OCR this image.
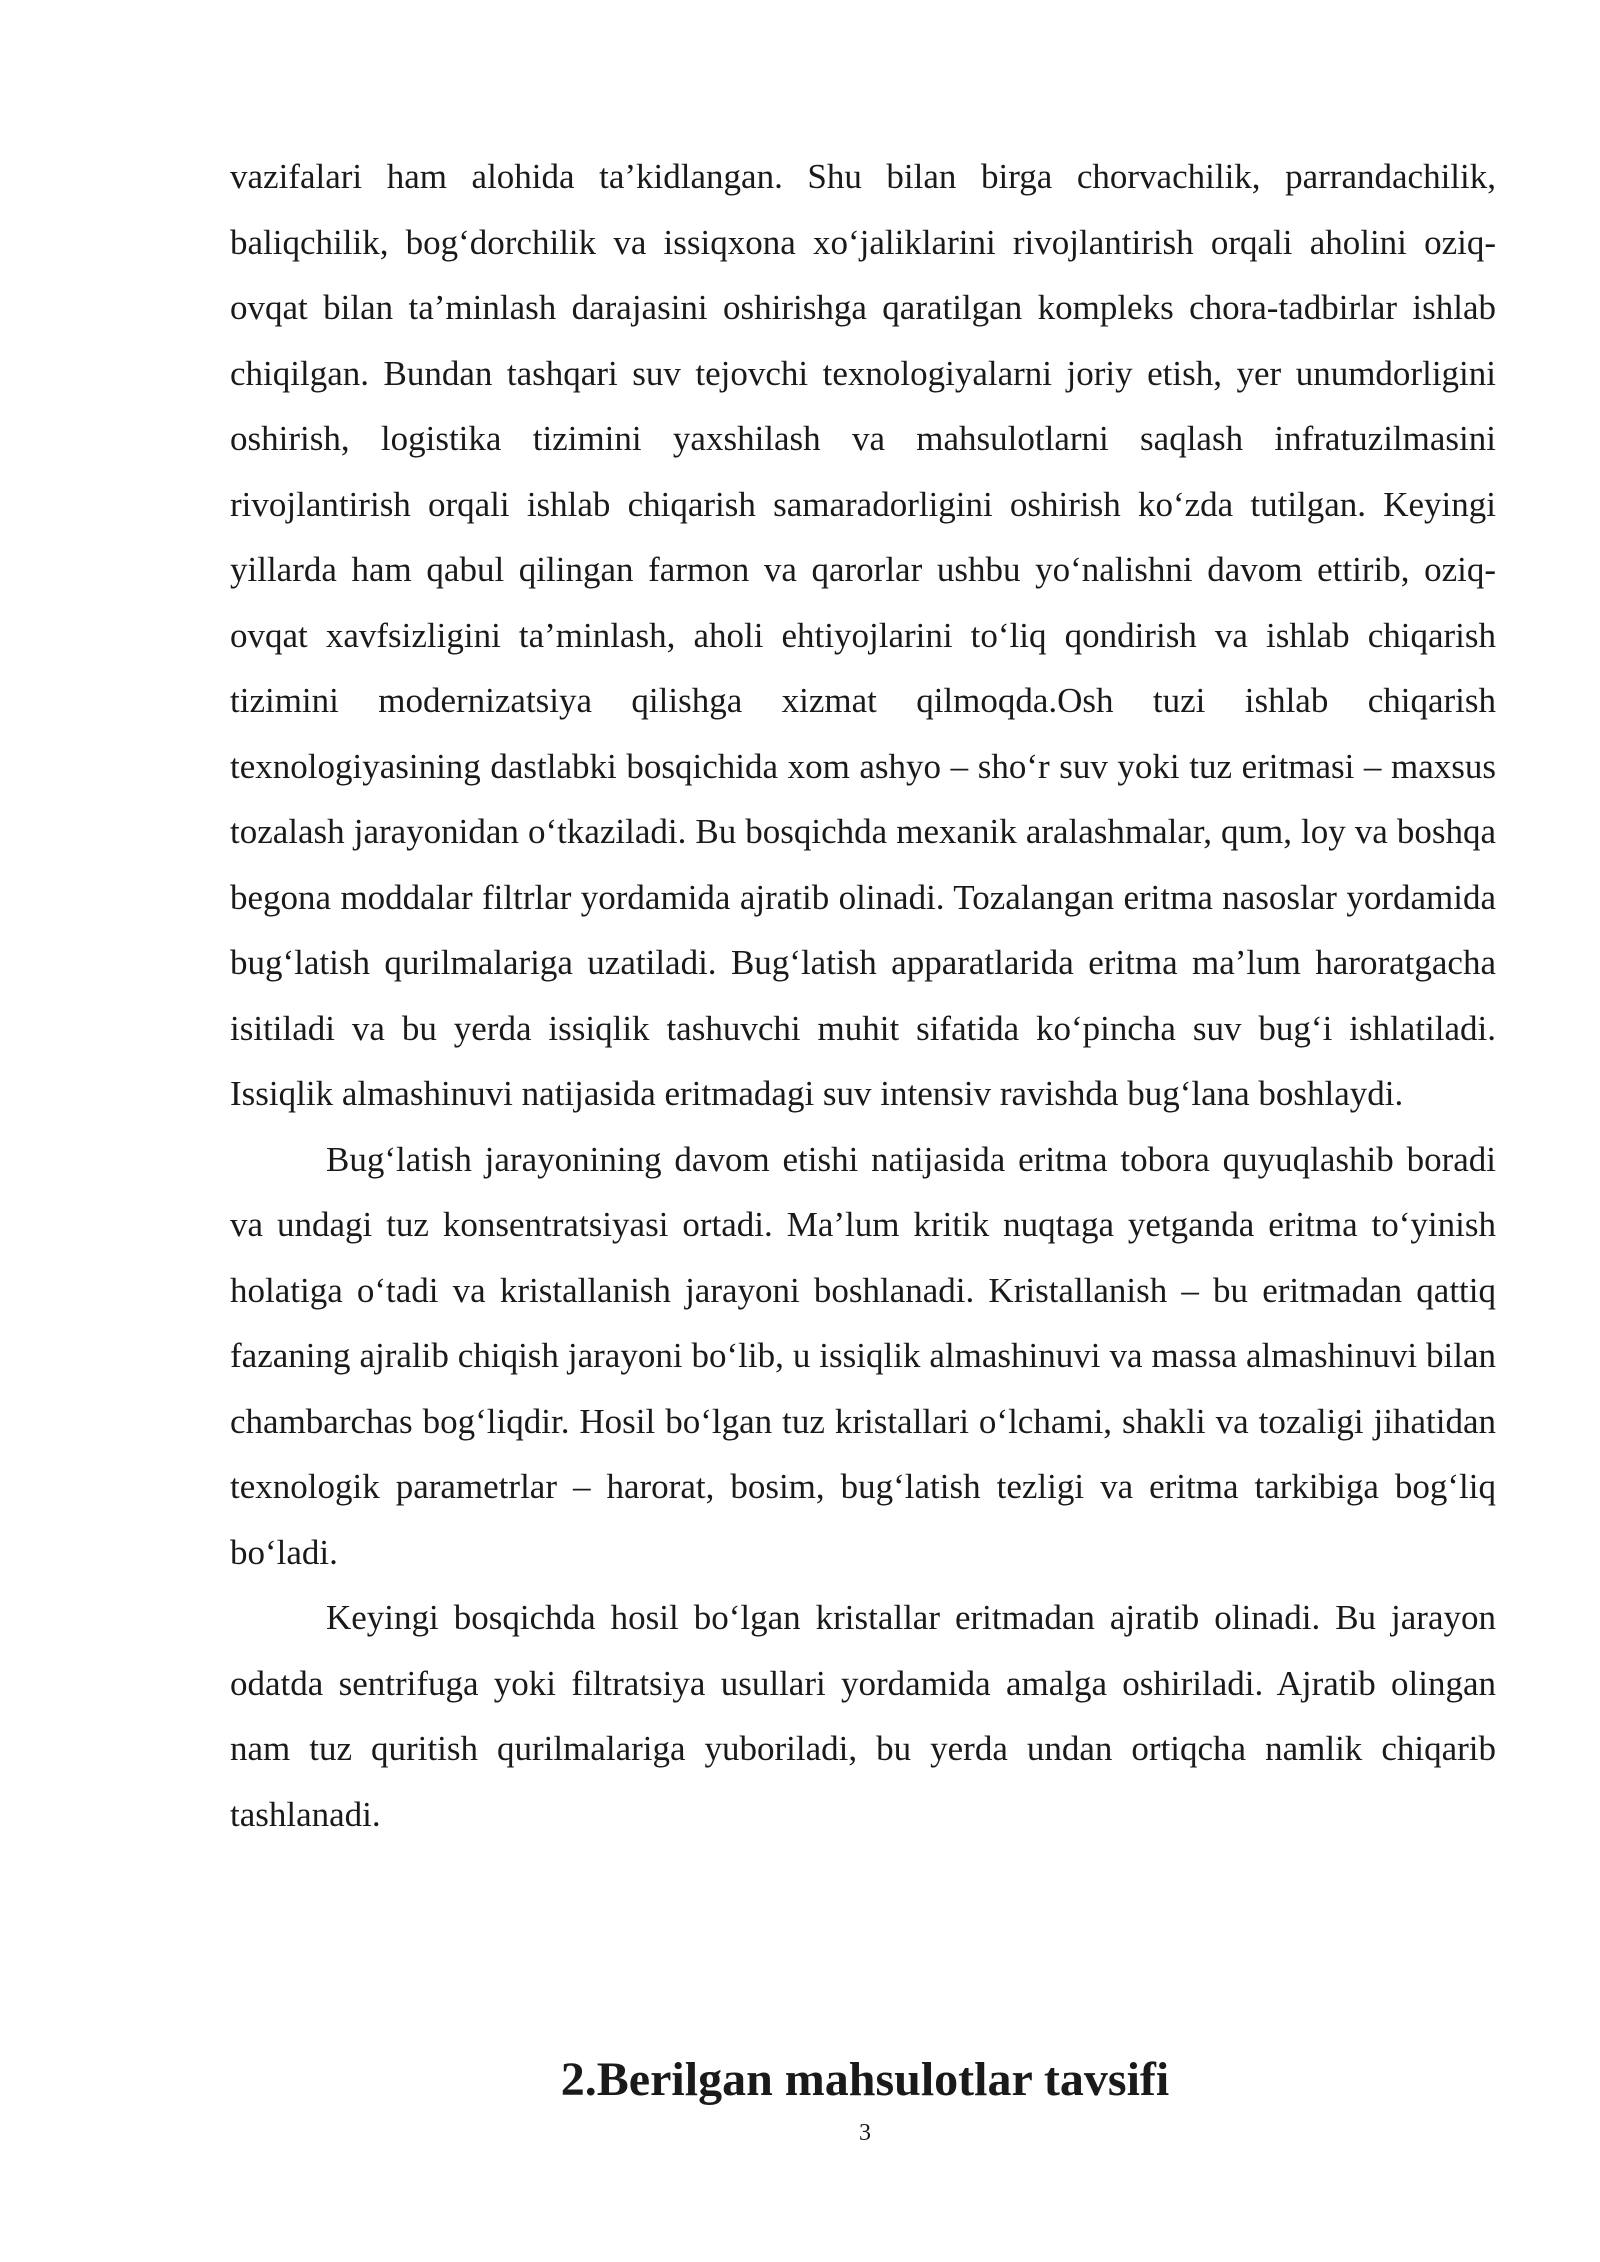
vazifalari ham alohida ta’kidlangan. Shu bilan birga chorvachilik, parrandachilik, baliqchilik, bog‘dorchilik va issiqxona xo‘jaliklarini rivojlantirish orqali aholini oziq-ovqat bilan ta’minlash darajasini oshirishga qaratilgan kompleks chora-tadbirlar ishlab chiqilgan. Bundan tashqari suv tejovchi texnologiyalarni joriy etish, yer unumdorligini oshirish, logistika tizimini yaxshilash va mahsulotlarni saqlash infratuzilmasini rivojlantirish orqali ishlab chiqarish samaradorligini oshirish ko‘zda tutilgan. Keyingi yillarda ham qabul qilingan farmon va qarorlar ushbu yo‘nalishni davom ettirib, oziq-ovqat xavfsizligini ta’minlash, aholi ehtiyojlarini to‘liq qondirish va ishlab chiqarish tizimini modernizatsiya qilishga xizmat qilmoqda.Osh tuzi ishlab chiqarish texnologiyasining dastlabki bosqichida xom ashyo – sho‘r suv yoki tuz eritmasi – maxsus tozalash jarayonidan o‘tkaziladi. Bu bosqichda mexanik aralashmalar, qum, loy va boshqa begona moddalar filtrlar yordamida ajratib olinadi. Tozalangan eritma nasoslar yordamida bug‘latish qurilmalariga uzatiladi. Bug‘latish apparatlarida eritma ma’lum haroratgacha isitiladi va bu yerda issiqlik tashuvchi muhit sifatida ko‘pincha suv bug‘i ishlatiladi. Issiqlik almashinuvi natijasida eritmadagi suv intensiv ravishda bug‘lana boshlaydi.

Bug‘latish jarayonining davom etishi natijasida eritma tobora quyuqlashib boradi va undagi tuz konsentratsiyasi ortadi. Ma’lum kritik nuqtaga yetganda eritma to‘yinish holatiga o‘tadi va kristallanish jarayoni boshlanadi. Kristallanish – bu eritmadan qattiq fazaning ajralib chiqish jarayoni bo‘lib, u issiqlik almashinuvi va massa almashinuvi bilan chambarchas bog‘liqdir. Hosil bo‘lgan tuz kristallari o‘lchami, shakli va tozaligi jihatidan texnologik parametrlar – harorat, bosim, bug‘latish tezligi va eritma tarkibiga bog‘liq bo‘ladi.

Keyingi bosqichda hosil bo‘lgan kristallar eritmadan ajratib olinadi. Bu jarayon odatda sentrifuga yoki filtratsiya usullari yordamida amalga oshiriladi. Ajratib olingan nam tuz quritish qurilmalariga yuboriladi, bu yerda undan ortiqcha namlik chiqarib tashlanadi.

2.Berilgan mahsulotlar tavsifi
3
